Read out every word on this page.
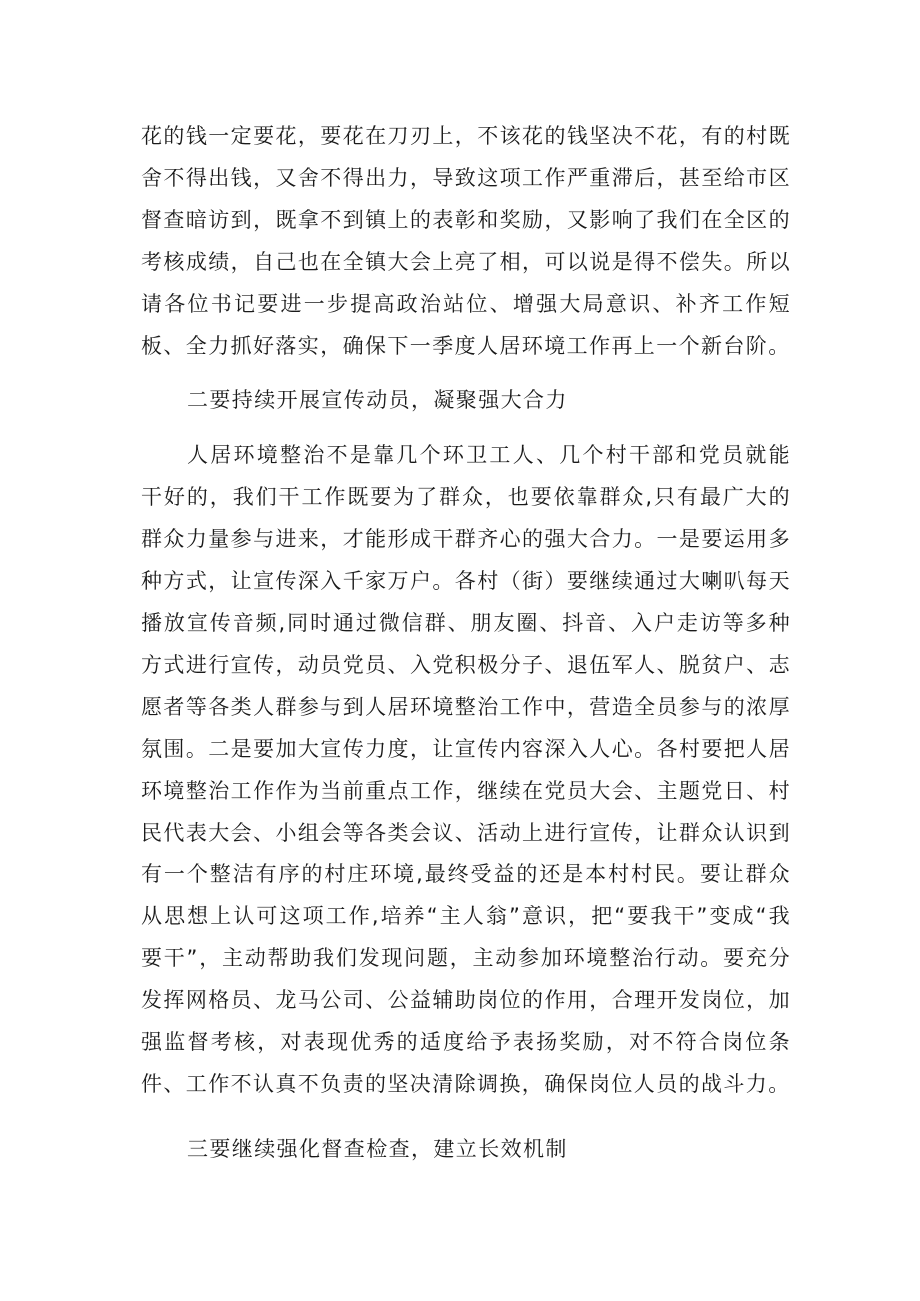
花的钱一定要花，要花在刀刃上，不该花的钱坚决不花，有的村既舍不得出钱，又舍不得出力，导致这项工作严重滞后，甚至给市区督查暗访到，既拿不到镇上的表彰和奖励，又影响了我们在全区的考核成绩，自己也在全镇大会上亮了相，可以说是得不偿失。所以请各位书记要进一步提高政治站位、增强大局意识、补齐工作短板、全力抓好落实，确保下一季度人居环境工作再上一个新台阶。

二要持续开展宣传动员，凝聚强大合力

人居环境整治不是靠几个环卫工人、几个村干部和党员就能干好的，我们干工作既要为了群众，也要依靠群众,只有最广大的群众力量参与进来，才能形成干群齐心的强大合力。一是要运用多种方式，让宣传深入千家万户。各村（街）要继续通过大喇叭每天播放宣传音频,同时通过微信群、朋友圈、抖音、入户走访等多种方式进行宣传，动员党员、入党积极分子、退伍军人、脱贫户、志愿者等各类人群参与到人居环境整治工作中，营造全员参与的浓厚氛围。二是要加大宣传力度，让宣传内容深入人心。各村要把人居环境整治工作作为当前重点工作，继续在党员大会、主题党日、村民代表大会、小组会等各类会议、活动上进行宣传，让群众认识到有一个整洁有序的村庄环境,最终受益的还是本村村民。要让群众从思想上认可这项工作,培养“主人翁”意识，把“要我干”变成“我要干”，主动帮助我们发现问题，主动参加环境整治行动。要充分发挥网格员、龙马公司、公益辅助岗位的作用，合理开发岗位，加强监督考核，对表现优秀的适度给予表扬奖励，对不符合岗位条件、工作不认真不负责的坚决清除调换，确保岗位人员的战斗力。

三要继续强化督查检查，建立长效机制
